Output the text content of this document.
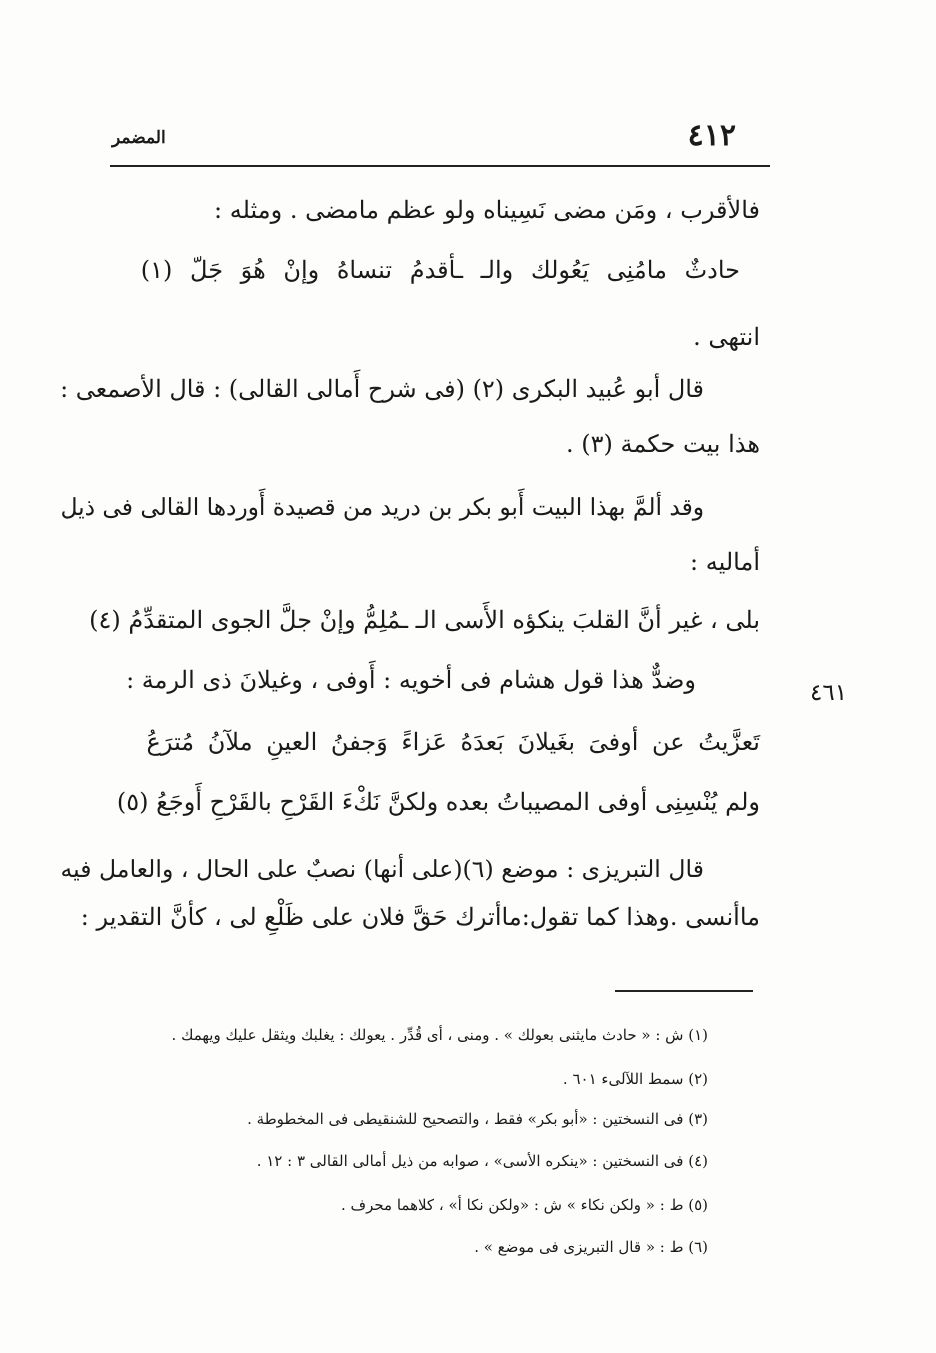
٤١٢
المضمر
فالأقرب ، ومَن مضى نَسِيناه ولو عظم مامضى . ومثله :
حادثٌ مامُنِى يَعُولك والـ ـأقدمُ تنساهُ وإنْ هُوَ جَلّ (١)
انتهى .
قال أبو عُبيد البكرى (٢) (فى شرح أَمالى القالى) : قال الأصمعى :
هذا بيت حكمة (٣) .
وقد ألمَّ بهذا البيت أَبو بكر بن دريد من قصيدة أَوردها القالى فى ذيل
أماليه :
بلى ، غير أنَّ القلبَ ينكؤه الأَسى الـ ـمُلِمُّ وإنْ جلَّ الجوى المتقدِّمُ (٤)
وضدٌّ هذا قول هشام فى أخويه : أَوفى ، وغيلانَ ذى الرمة :
تَعزَّيتُ عن أوفىَ بغَيلانَ بَعدَهُ عَزاءً وَجفنُ العينِ ملآنُ مُترَعُ
ولم يُنْسِنِى أوفى المصيباتُ بعده ولكنَّ نَكْءَ القَرْحِ بالقَرْحِ أَوجَعُ (٥)
قال التبريزى : موضع (٦)(على أنها) نصبٌ على الحال ، والعامل فيه
ماأنسى .وهذا كما تقول:ماأترك حَقَّ فلان على ظَلْعِ لى ، كأنَّ التقدير :
٤٦١
(١) ش : « حادث مايثنى بعولك » . ومنى ، أى قُدِّر . يعولك : يغلبك ويثقل عليك ويهمك .
(٢) سمط اللآلىء ٦٠١ .
(٣) فى النسختين : «أبو بكر» فقط ، والتصحيح للشنقيطى فى المخطوطة .
(٤) فى النسختين : «ينكره الأسى» ، صوابه من ذيل أمالى القالى ٣ : ١٢ .
(٥) ط : « ولكن نكاء » ش : «ولكن نكا أ» ، كلاهما محرف .
(٦) ط : « قال التبريزى فى موضع » .
